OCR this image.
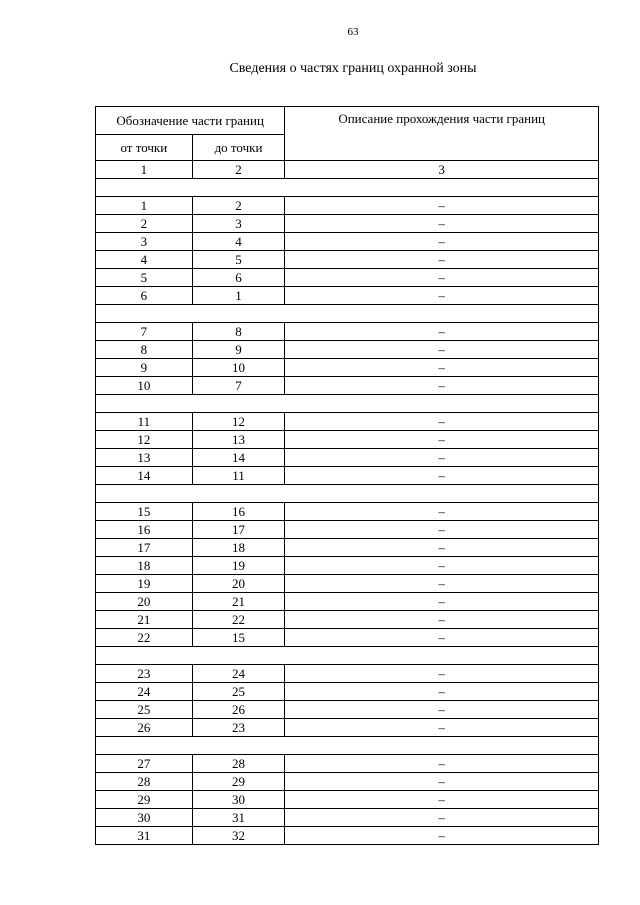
63
Сведения о частях границ охранной зоны
Обозначение части границ		Описание прохождения части границ
от точки	до точки	
1	2	3

1	2	–
2	3	–
3	4	–
4	5	–
5	6	–
6	1	–

7	8	–
8	9	–
9	10	–
10	7	–

11	12	–
12	13	–
13	14	–
14	11	–

15	16	–
16	17	–
17	18	–
18	19	–
19	20	–
20	21	–
21	22	–
22	15	–

23	24	–
24	25	–
25	26	–
26	23	–

27	28	–
28	29	–
29	30	–
30	31	–
31	32	–
